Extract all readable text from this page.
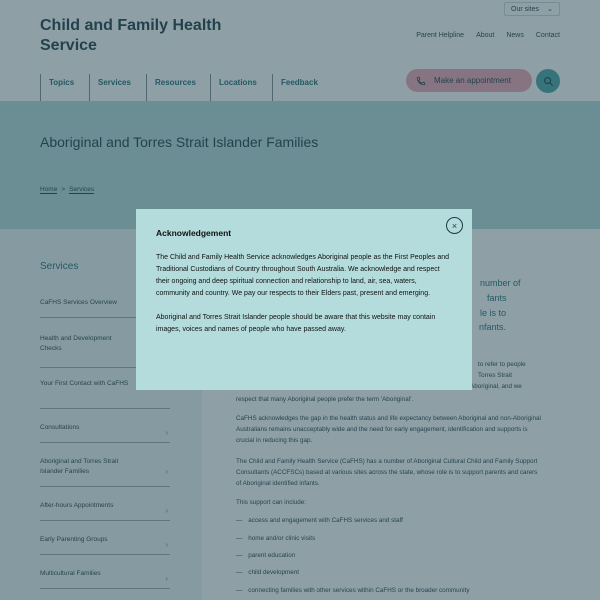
×
Acknowledgement

The Child and Family Health Service acknowledges Aboriginal people as the First Peoples and Traditional Custodians of Country throughout South Australia. We acknowledge and respect their ongoing and deep spiritual connection and relationship to land, air, sea, waters, community and country. We pay our respects to their Elders past, present and emerging.

Aboriginal and Torres Strait Islander people should be aware that this website may contain images, voices and names of people who have passed away.
